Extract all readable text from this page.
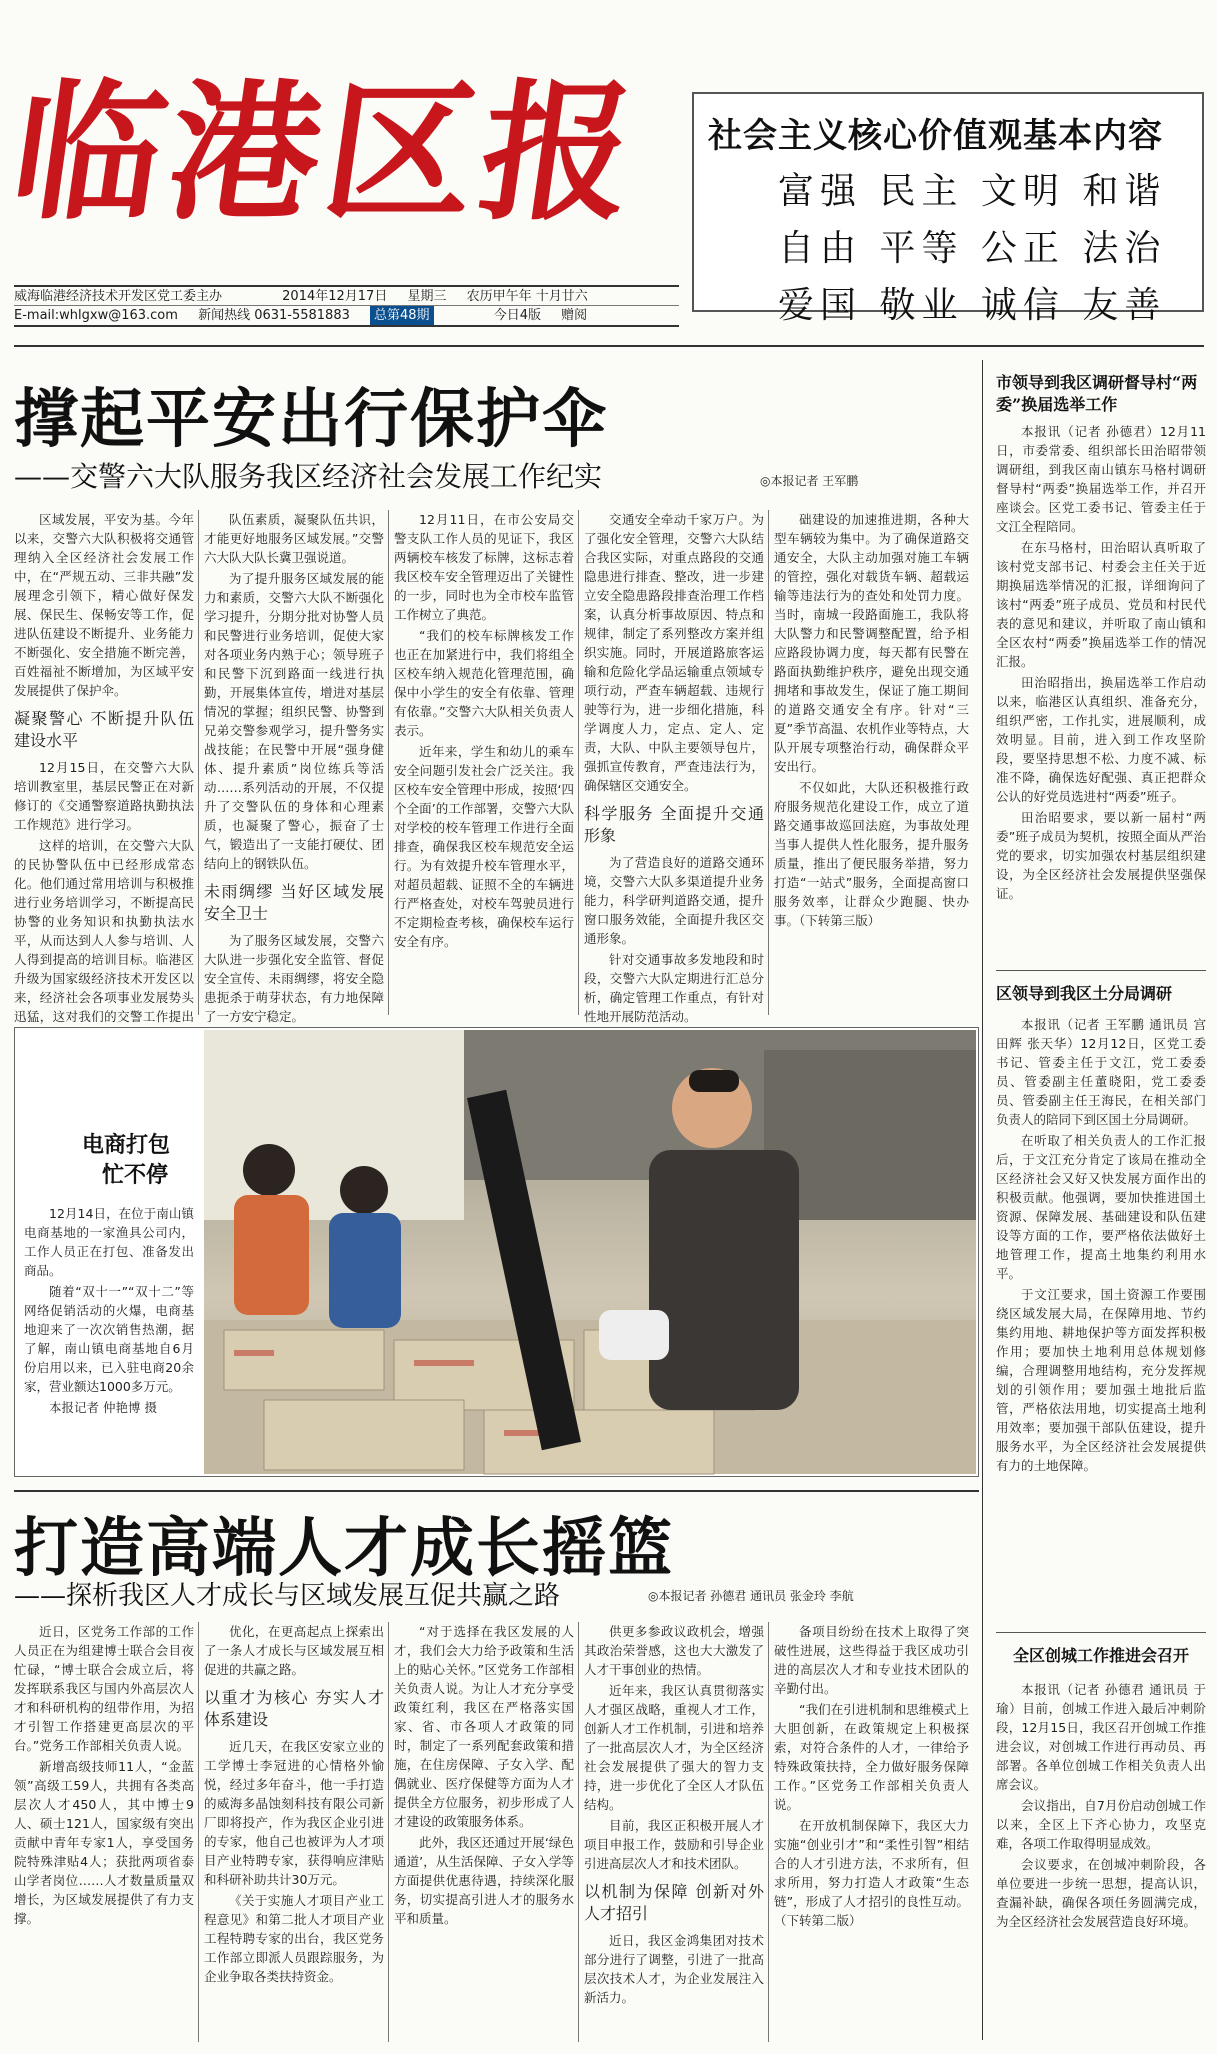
临港区报	社会主义核心价值观基本内容
富强 民主 文明 和谐
自由 平等 公正 法治
爱国 敬业 诚信 友善
威海临港经济技术开发区党工委主办	2014年12月17日 星期三 农历甲午年 十月廿六
E-mail:whlgxw@163.com 新闻热线 0631-5581883 总第48期	今日4版 赠阅
撑起平安出行保护伞
——交警六大队服务我区经济社会发展工作纪实	◎本报记者 王军鹏

区域发展，平安为基。今年以来，交警六大队积极将交通管理纳入全区经济社会发展工作中，在“严规五动、三非共融”发展理念引领下，精心做好保发展、保民生、保畅安等工作，促进队伍建设不断提升、业务能力不断强化、安全措施不断完善，百姓福祉不断增加，为区域平安发展提供了保护伞。

凝聚警心 不断提升队伍建设水平

12月15日，在交警六大队培训教室里，基层民警正在对新修订的《交通警察道路执勤执法工作规范》进行学习。

这样的培训，在交警六大队的民协警队伍中已经形成常态化。他们通过常用培训与积极推进行业务培训学习，不断提高民协警的业务知识和执勤执法水平，从而达到人人参与培训、人人得到提高的培训目标。临港区升级为国家级经济技术开发区以来，经济社会各项事业发展势头迅猛，这对我们的交警工作提出

队伍素质，凝聚队伍共识，才能更好地服务区域发展。”交警六大队大队长冀卫强说道。

为了提升服务区域发展的能力和素质，交警六大队不断强化学习提升，分期分批对协警人员和民警进行业务培训，促使大家对各项业务内熟于心；领导班子和民警下沉到路面一线进行执勤，开展集体宣传，增进对基层情况的掌握；组织民警、协警到兄弟交警参观学习，提升警务实战技能；在民警中开展“强身健体、提升素质”岗位练兵等活动……系列活动的开展，不仅提升了交警队伍的身体和心理素质，也凝聚了警心，振奋了士气，锻造出了一支能打硬仗、团结向上的钢铁队伍。

未雨绸缪 当好区域发展安全卫士

为了服务区域发展，交警六大队进一步强化安全监管、督促安全宣传、未雨绸缪，将安全隐患扼杀于萌芽状态，有力地保障了一方安宁稳定。

12月11日，在市公安局交警支队工作人员的见证下，我区两辆校车核发了标牌，这标志着我区校车安全管理迈出了关键性的一步，同时也为全市校车监管工作树立了典范。

“我们的校车标牌核发工作也正在加紧进行中，我们将组全区校车纳入规范化管理范围，确保中小学生的安全有依靠、管理有依靠。”交警六大队相关负责人表示。

近年来，学生和幼儿的乘车安全问题引发社会广泛关注。我区校车安全管理中形成，按照‘四个全面’的工作部署，交警六大队对学校的校车管理工作进行全面排查，确保我区校车规范安全运行。为有效提升校车管理水平，对超员超载、证照不全的车辆进行严格查处，对校车驾驶员进行不定期检查考核，确保校车运行安全有序。

交通安全牵动千家万户。为了强化安全管理，交警六大队结合我区实际，对重点路段的交通隐患进行排查、整改，进一步建立安全隐患路段排查治理工作档案，认真分析事故原因、特点和规律，制定了系列整改方案并组织实施。同时，开展道路旅客运输和危险化学品运输重点领域专项行动，严查车辆超载、违规行驶等行为，进一步细化措施，科学调度人力，定点、定人、定责，大队、中队主要领导包片，强抓宣传教育，严查违法行为，确保辖区交通安全。

科学服务 全面提升交通形象

为了营造良好的道路交通环境，交警六大队多渠道提升业务能力，科学研判道路交通，提升窗口服务效能，全面提升我区交通形象。

针对交通事故多发地段和时段，交警六大队定期进行汇总分析，确定管理工作重点，有针对性地开展防范活动。

础建设的加速推进期，各种大型车辆较为集中。为了确保道路交通安全，大队主动加强对施工车辆的管控，强化对载货车辆、超载运输等违法行为的查处和处罚力度。当时，南城一段路面施工，我队将大队警力和民警调整配置，给予相应路段协调力度，每天都有民警在路面执勤维护秩序，避免出现交通拥堵和事故发生，保证了施工期间的道路交通安全有序。针对“三夏”季节高温、农机作业等特点，大队开展专项整治行动，确保群众平安出行。

不仅如此，大队还积极推行政府服务规范化建设工作，成立了道路交通事故巡回法庭，为事故处理当事人提供人性化服务，提升服务质量，推出了便民服务举措，努力打造“一站式”服务，全面提高窗口服务效率，让群众少跑腿、快办事。（下转第三版）

市领导到我区调研督导村“两委”换届选举工作

本报讯（记者 孙德君）12月11日，市委常委、组织部长田治昭带领调研组，到我区南山镇东马格村调研督导村“两委”换届选举工作，并召开座谈会。区党工委书记、管委主任于文江全程陪同。

在东马格村，田治昭认真听取了该村党支部书记、村委会主任关于近期换届选举情况的汇报，详细询问了该村“两委”班子成员、党员和村民代表的意见和建议，并听取了南山镇和全区农村“两委”换届选举工作的情况汇报。

田治昭指出，换届选举工作启动以来，临港区认真组织、准备充分，组织严密，工作扎实，进展顺利，成效明显。目前，进入到工作攻坚阶段，要坚持思想不松、力度不减、标准不降，确保选好配强、真正把群众公认的好党员选进村“两委”班子。

田治昭要求，要以新一届村“两委”班子成员为契机，按照全面从严治党的要求，切实加强农村基层组织建设，为全区经济社会发展提供坚强保证。

区领导到我区土分局调研

本报讯（记者 王军鹏 通讯员 宫田辉 张天华）12月12日，区党工委书记、管委主任于文江，党工委委员、管委副主任董晓阳，党工委委员、管委副主任王海民，在相关部门负责人的陪同下到区国土分局调研。

在听取了相关负责人的工作汇报后，于文江充分肯定了该局在推动全区经济社会又好又快发展方面作出的积极贡献。他强调，要加快推进国土资源、保障发展、基础建设和队伍建设等方面的工作，要严格依法做好土地管理工作，提高土地集约利用水平。

于文江要求，国土资源工作要围绕区域发展大局，在保障用地、节约集约用地、耕地保护等方面发挥积极作用；要加快土地利用总体规划修编，合理调整用地结构，充分发挥规划的引领作用；要加强土地批后监管，严格依法用地，切实提高土地利用效率；要加强干部队伍建设，提升服务水平，为全区经济社会发展提供有力的土地保障。

电商打包
忙不停

12月14日，在位于南山镇电商基地的一家渔具公司内，工作人员正在打包、准备发出商品。

随着“双十一”“双十二”等网络促销活动的火爆，电商基地迎来了一次次销售热潮，据了解，南山镇电商基地自6月份启用以来，已入驻电商20余家，营业额达1000多万元。

本报记者 仲艳博 摄

打造高端人才成长摇篮
——探析我区人才成长与区域发展互促共赢之路	◎本报记者 孙德君 通讯员 张金玲 李航

近日，区党务工作部的工作人员正在为组建博士联合会目夜忙碌，“博士联合会成立后，将发挥联系我区与国内外高层次人才和科研机构的纽带作用，为招才引智工作搭建更高层次的平台。”党务工作部相关负责人说。

新增高级技师11人，“金蓝领”高级工59人，共拥有各类高层次人才450人，其中博士9人、硕士121人，国家级有突出贡献中青年专家1人，享受国务院特殊津贴4人；获批两项省泰山学者岗位……人才数量质量双增长，为区域发展提供了有力支撑。

优化，在更高起点上探索出了一条人才成长与区域发展互相促进的共赢之路。

以重才为核心 夯实人才体系建设

近几天，在我区安家立业的工学博士李冠进的心情格外愉悦，经过多年奋斗，他一手打造的威海多晶蚀刻科技有限公司新厂即将投产，作为我区企业引进的专家，他自己也被评为人才项目产业特聘专家，获得响应津贴和科研补助共计30万元。

《关于实施人才项目产业工程意见》和第二批人才项目产业工程特聘专家的出台，我区党务工作部立即派人员跟踪服务，为企业争取各类扶持资金。

“对于选择在我区发展的人才，我们会大力给予政策和生活上的贴心关怀。”区党务工作部相关负责人说。为让人才充分享受政策红利，我区在严格落实国家、省、市各项人才政策的同时，制定了一系列配套政策和措施，在住房保障、子女入学、配偶就业、医疗保健等方面为人才提供全方位服务，初步形成了人才建设的政策服务体系。

此外，我区还通过开展‘绿色通道’，从生活保障、子女入学等方面提供优惠待遇，持续深化服务，切实提高引进人才的服务水平和质量。

供更多参政议政机会，增强其政治荣誉感，这也大大激发了人才干事创业的热情。

近年来，我区认真贯彻落实人才强区战略，重视人才工作，创新人才工作机制，引进和培养了一批高层次人才，为全区经济社会发展提供了强大的智力支持，进一步优化了全区人才队伍结构。

目前，我区正积极开展人才项目申报工作，鼓励和引导企业引进高层次人才和技术团队。

以机制为保障 创新对外人才招引

近日，我区金鸿集团对技术部分进行了调整，引进了一批高层次技术人才，为企业发展注入新活力。

备项目纷纷在技术上取得了突破性进展，这些得益于我区成功引进的高层次人才和专业技术团队的辛勤付出。

“我们在引进机制和思维模式上大胆创新，在政策规定上积极探索，对符合条件的人才，一律给予特殊政策扶持，全力做好服务保障工作。”区党务工作部相关负责人说。

在开放机制保障下，我区大力实施“创业引才”和“柔性引智”相结合的人才引进方法，不求所有，但求所用，努力打造人才政策“生态链”，形成了人才招引的良性互动。（下转第二版）

全区创城工作推进会召开

本报讯（记者 孙德君 通讯员 于瑜）目前，创城工作进入最后冲刺阶段，12月15日，我区召开创城工作推进会议，对创城工作进行再动员、再部署。各单位创城工作相关负责人出席会议。

会议指出，自7月份启动创城工作以来，全区上下齐心协力，攻坚克难，各项工作取得明显成效。

会议要求，在创城冲刺阶段，各单位要进一步统一思想，提高认识，查漏补缺，确保各项任务圆满完成，为全区经济社会发展营造良好环境。
